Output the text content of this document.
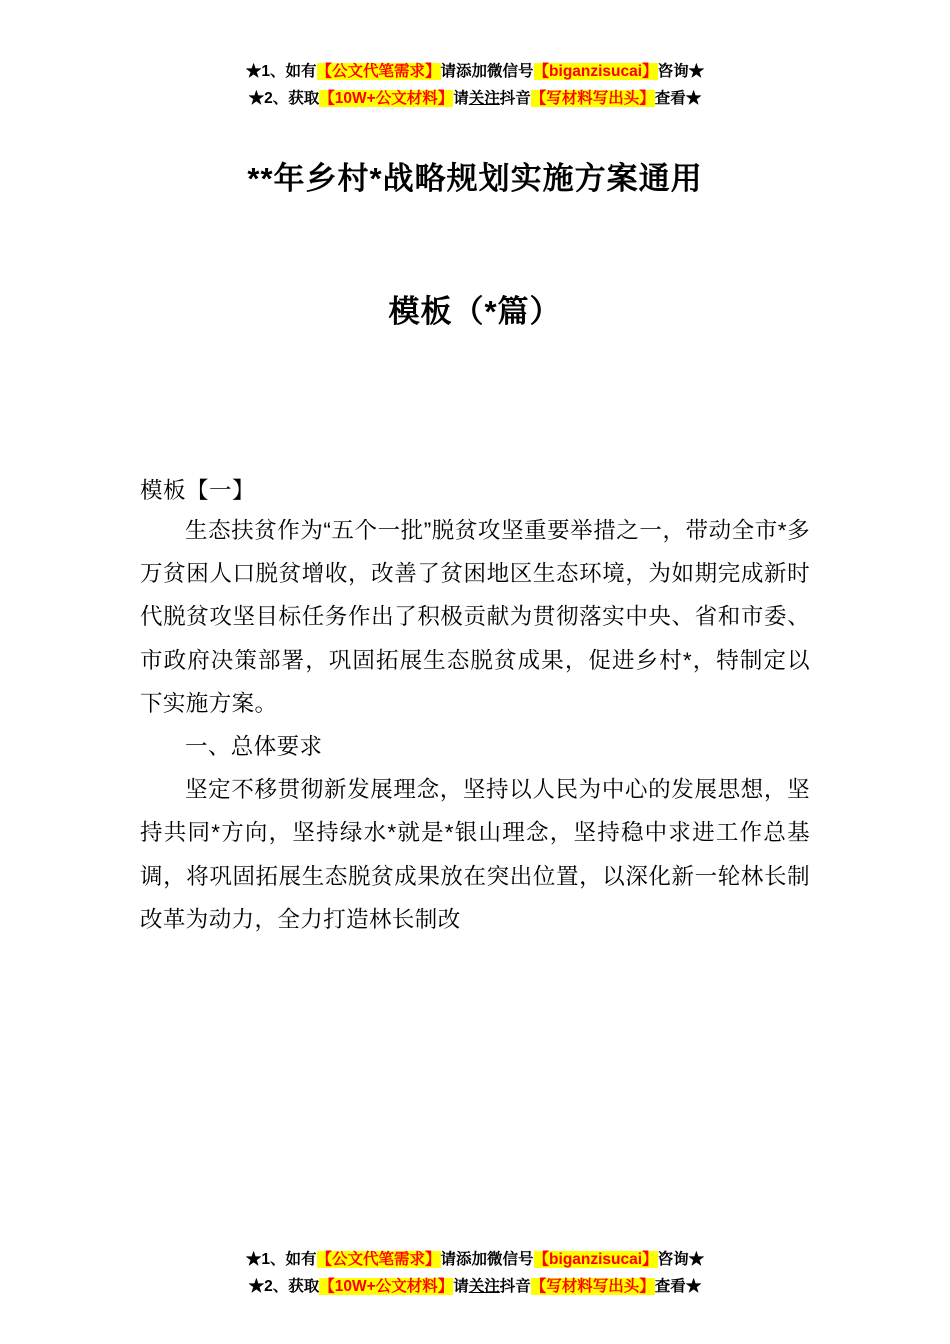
★1、如有【公文代笔需求】请添加微信号【biganzisucai】咨询★
★2、获取【10W+公文材料】请关注抖音【写材料写出头】查看★
**年乡村*战略规划实施方案通用
模板（*篇）
模板【一】

生态扶贫作为“五个一批”脱贫攻坚重要举措之一，带动全市*多万贫困人口脱贫增收，改善了贫困地区生态环境，为如期完成新时代脱贫攻坚目标任务作出了积极贡献为贯彻落实中央、省和市委、市政府决策部署，巩固拓展生态脱贫成果，促进乡村*，特制定以下实施方案。

一、总体要求

坚定不移贯彻新发展理念，坚持以人民为中心的发展思想，坚持共同*方向，坚持绿水*就是*银山理念，坚持稳中求进工作总基调，将巩固拓展生态脱贫成果放在突出位置，以深化新一轮林长制改革为动力，全力打造林长制改

★1、如有【公文代笔需求】请添加微信号【biganzisucai】咨询★
★2、获取【10W+公文材料】请关注抖音【写材料写出头】查看★
